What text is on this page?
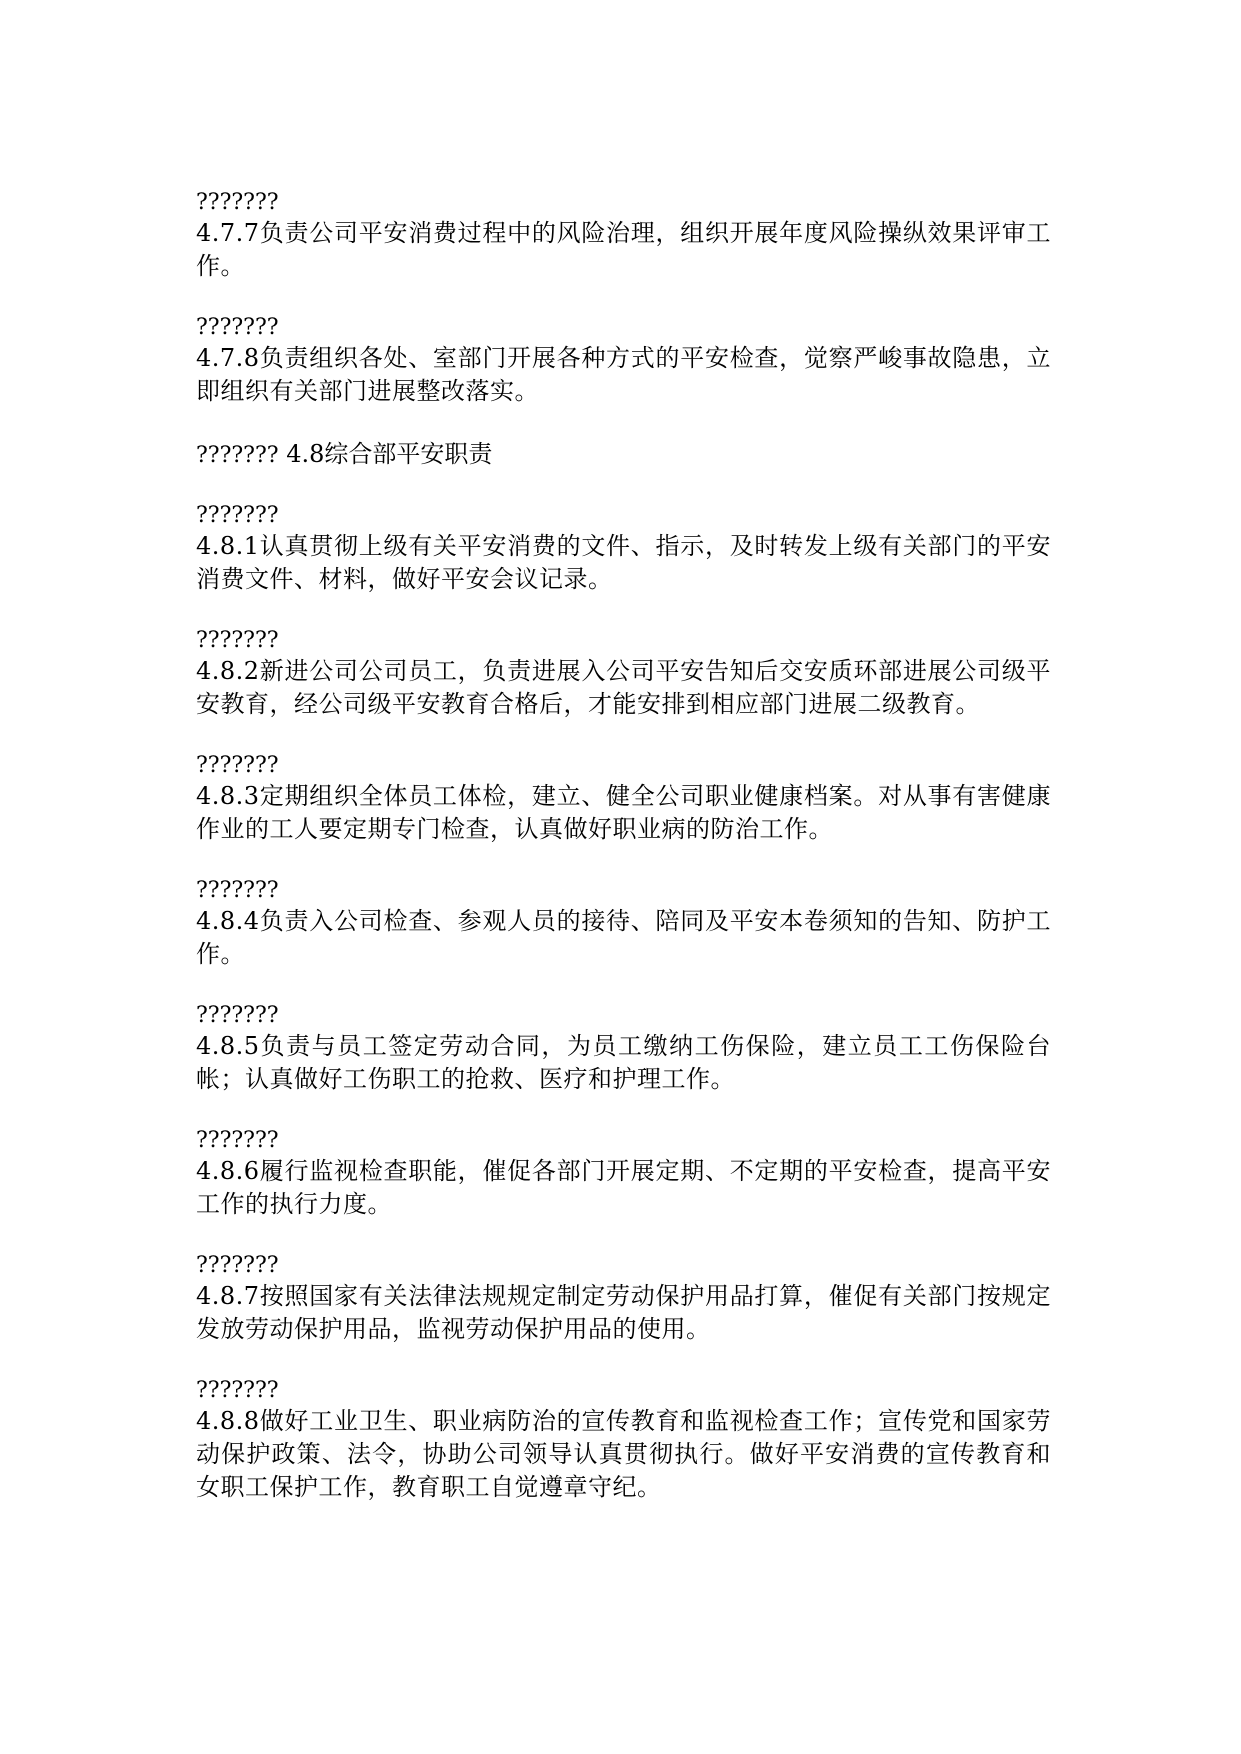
???????
4.7.7负责公司平安消费过程中的风险治理，组织开展年度风险操纵效果评审工作。
???????
4.7.8负责组织各处、室部门开展各种方式的平安检查，觉察严峻事故隐患，立即组织有关部门进展整改落实。
??????? 4.8综合部平安职责
???????
4.8.1认真贯彻上级有关平安消费的文件、指示，及时转发上级有关部门的平安消费文件、材料，做好平安会议记录。
???????
4.8.2新进公司公司员工，负责进展入公司平安告知后交安质环部进展公司级平安教育，经公司级平安教育合格后，才能安排到相应部门进展二级教育。
???????
4.8.3定期组织全体员工体检，建立、健全公司职业健康档案。对从事有害健康作业的工人要定期专门检查，认真做好职业病的防治工作。
???????
4.8.4负责入公司检查、参观人员的接待、陪同及平安本卷须知的告知、防护工作。
???????
4.8.5负责与员工签定劳动合同，为员工缴纳工伤保险，建立员工工伤保险台帐；认真做好工伤职工的抢救、医疗和护理工作。
???????
4.8.6履行监视检查职能，催促各部门开展定期、不定期的平安检查，提高平安工作的执行力度。
???????
4.8.7按照国家有关法律法规规定制定劳动保护用品打算，催促有关部门按规定发放劳动保护用品，监视劳动保护用品的使用。
???????
4.8.8做好工业卫生、职业病防治的宣传教育和监视检查工作；宣传党和国家劳动保护政策、法令，协助公司领导认真贯彻执行。做好平安消费的宣传教育和女职工保护工作，教育职工自觉遵章守纪。
